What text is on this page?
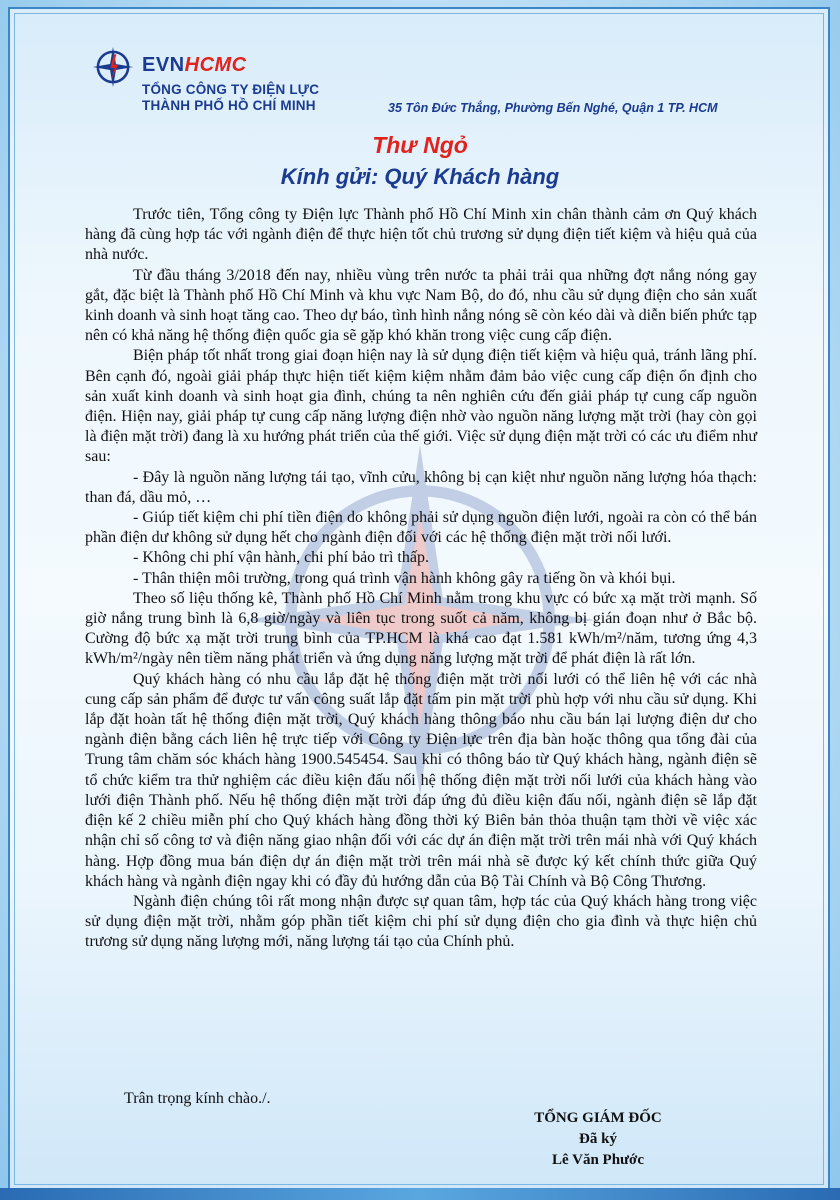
EVNHCMC
TỔNG CÔNG TY ĐIỆN LỰC
THÀNH PHỐ HỒ CHÍ MINH	35 Tôn Đức Thắng, Phường Bến Nghé, Quận 1 TP. HCM
Thư Ngỏ
Kính gửi: Quý Khách hàng

Trước tiên, Tổng công ty Điện lực Thành phố Hồ Chí Minh xin chân thành cảm ơn Quý khách hàng đã cùng hợp tác với ngành điện để thực hiện tốt chủ trương sử dụng điện tiết kiệm và hiệu quả của nhà nước.

Từ đầu tháng 3/2018 đến nay, nhiều vùng trên nước ta phải trải qua những đợt nắng nóng gay gắt, đặc biệt là Thành phố Hồ Chí Minh và khu vực Nam Bộ, do đó, nhu cầu sử dụng điện cho sản xuất kinh doanh và sinh hoạt tăng cao. Theo dự báo, tình hình nắng nóng sẽ còn kéo dài và diễn biến phức tạp nên có khả năng hệ thống điện quốc gia sẽ gặp khó khăn trong việc cung cấp điện.

Biện pháp tốt nhất trong giai đoạn hiện nay là sử dụng điện tiết kiệm và hiệu quả, tránh lãng phí. Bên cạnh đó, ngoài giải pháp thực hiện tiết kiệm kiệm nhằm đảm bảo việc cung cấp điện ổn định cho sản xuất kinh doanh và sinh hoạt gia đình, chúng ta nên nghiên cứu đến giải pháp tự cung cấp nguồn điện. Hiện nay, giải pháp tự cung cấp năng lượng điện nhờ vào nguồn năng lượng mặt trời (hay còn gọi là điện mặt trời) đang là xu hướng phát triển của thế giới. Việc sử dụng điện mặt trời có các ưu điểm như sau:

- Đây là nguồn năng lượng tái tạo, vĩnh cửu, không bị cạn kiệt như nguồn năng lượng hóa thạch: than đá, dầu mỏ, …

- Giúp tiết kiệm chi phí tiền điện do không phải sử dụng nguồn điện lưới, ngoài ra còn có thể bán phần điện dư không sử dụng hết cho ngành điện đối với các hệ thống điện mặt trời nối lưới.

- Không chi phí vận hành, chi phí bảo trì thấp.

- Thân thiện môi trường, trong quá trình vận hành không gây ra tiếng ồn và khói bụi.

Theo số liệu thống kê, Thành phố Hồ Chí Minh nằm trong khu vực có bức xạ mặt trời mạnh. Số giờ nắng trung bình là 6,8 giờ/ngày và liên tục trong suốt cả năm, không bị gián đoạn như ở Bắc bộ. Cường độ bức xạ mặt trời trung bình của TP.HCM là khá cao đạt 1.581 kWh/m²/năm, tương ứng 4,3 kWh/m²/ngày nên tiềm năng phát triển và ứng dụng năng lượng mặt trời để phát điện là rất lớn.

Quý khách hàng có nhu cầu lắp đặt hệ thống điện mặt trời nối lưới có thể liên hệ với các nhà cung cấp sản phẩm để được tư vấn công suất lắp đặt tấm pin mặt trời phù hợp với nhu cầu sử dụng. Khi lắp đặt hoàn tất hệ thống điện mặt trời, Quý khách hàng thông báo nhu cầu bán lại lượng điện dư cho ngành điện bằng cách liên hệ trực tiếp với Công ty Điện lực trên địa bàn hoặc thông qua tổng đài của Trung tâm chăm sóc khách hàng 1900.545454. Sau khi có thông báo từ Quý khách hàng, ngành điện sẽ tổ chức kiểm tra thử nghiệm các điều kiện đấu nối hệ thống điện mặt trời nối lưới của khách hàng vào lưới điện Thành phố. Nếu hệ thống điện mặt trời đáp ứng đủ điều kiện đấu nối, ngành điện sẽ lắp đặt điện kế 2 chiều miễn phí cho Quý khách hàng đồng thời ký Biên bản thỏa thuận tạm thời về việc xác nhận chỉ số công tơ và điện năng giao nhận đối với các dự án điện mặt trời trên mái nhà với Quý khách hàng. Hợp đồng mua bán điện dự án điện mặt trời trên mái nhà sẽ được ký kết chính thức giữa Quý khách hàng và ngành điện ngay khi có đầy đủ hướng dẫn của Bộ Tài Chính và Bộ Công Thương.

Ngành điện chúng tôi rất mong nhận được sự quan tâm, hợp tác của Quý khách hàng trong việc sử dụng điện mặt trời, nhằm góp phần tiết kiệm chi phí sử dụng điện cho gia đình và thực hiện chủ trương sử dụng năng lượng mới, năng lượng tái tạo của Chính phủ.

Trân trọng kính chào./.
TỔNG GIÁM ĐỐC
Đã ký
Lê Văn Phước
